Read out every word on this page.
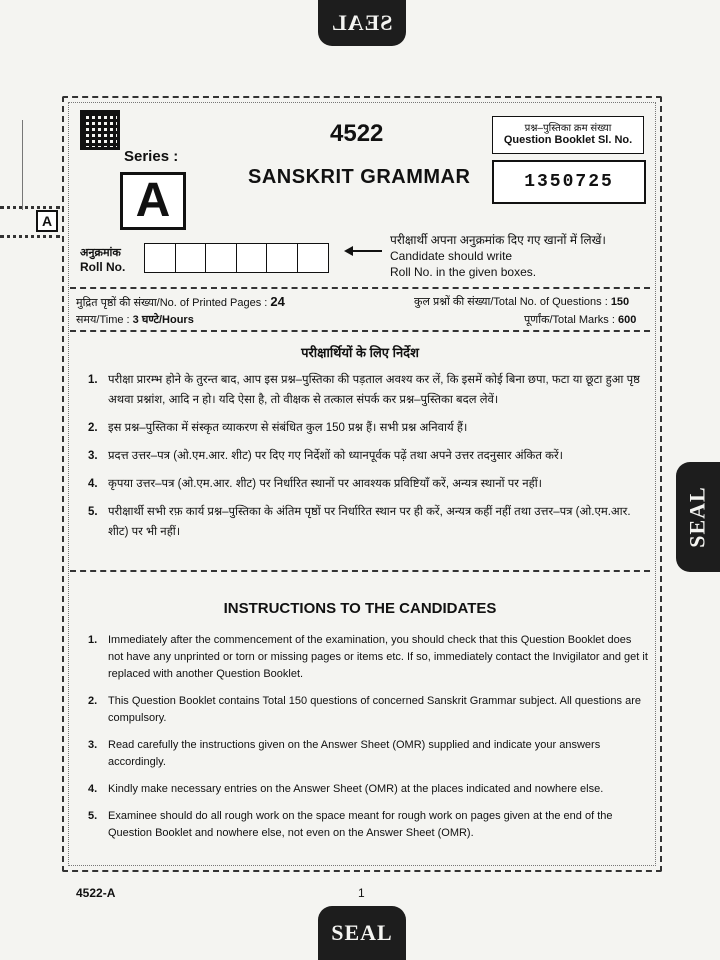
SEAL
SEAL
SEAL
A
Series :
A
4522
SANSKRIT GRAMMAR
प्रश्न–पुस्तिका क्रम संख्या
Question Booklet Sl. No.
1350725
अनुक्रमांक
Roll No.
परीक्षार्थी अपना अनुक्रमांक दिए गए खानों में लिखें।
Candidate should write
Roll No. in the given boxes.
मुद्रित पृष्ठों की संख्या/No. of Printed Pages : 24	कुल प्रश्नों की संख्या/Total No. of Questions : 150
समय/Time : 3 घण्टे/Hours	पूर्णांक/Total Marks : 600
परीक्षार्थियों के लिए निर्देश
1. परीक्षा प्रारम्भ होने के तुरन्त बाद, आप इस प्रश्न–पुस्तिका की पड़ताल अवश्य कर लें, कि इसमें कोई बिना छपा, फटा या छूटा हुआ पृष्ठ अथवा प्रश्नांश, आदि न हो। यदि ऐसा है, तो वीक्षक से तत्काल संपर्क कर प्रश्न–पुस्तिका बदल लेवें।
2. इस प्रश्न–पुस्तिका में संस्कृत व्याकरण से संबंधित कुल 150 प्रश्न हैं। सभी प्रश्न अनिवार्य हैं।
3. प्रदत्त उत्तर–पत्र (ओ.एम.आर. शीट) पर दिए गए निर्देशों को ध्यानपूर्वक पढ़ें तथा अपने उत्तर तदनुसार अंकित करें।
4. कृपया उत्तर–पत्र (ओ.एम.आर. शीट) पर निर्धारित स्थानों पर आवश्यक प्रविष्टियाँ करें, अन्यत्र स्थानों पर नहीं।
5. परीक्षार्थी सभी रफ़ कार्य प्रश्न–पुस्तिका के अंतिम पृष्ठों पर निर्धारित स्थान पर ही करें, अन्यत्र कहीं नहीं तथा उत्तर–पत्र (ओ.एम.आर. शीट) पर भी नहीं।
INSTRUCTIONS TO THE CANDIDATES
1. Immediately after the commencement of the examination, you should check that this Question Booklet does not have any unprinted or torn or missing pages or items etc. If so, immediately contact the Invigilator and get it replaced with another Question Booklet.
2. This Question Booklet contains Total 150 questions of concerned Sanskrit Grammar subject. All questions are compulsory.
3. Read carefully the instructions given on the Answer Sheet (OMR) supplied and indicate your answers accordingly.
4. Kindly make necessary entries on the Answer Sheet (OMR) at the places indicated and nowhere else.
5. Examinee should do all rough work on the space meant for rough work on pages given at the end of the Question Booklet and nowhere else, not even on the Answer Sheet (OMR).
4522-A	1
